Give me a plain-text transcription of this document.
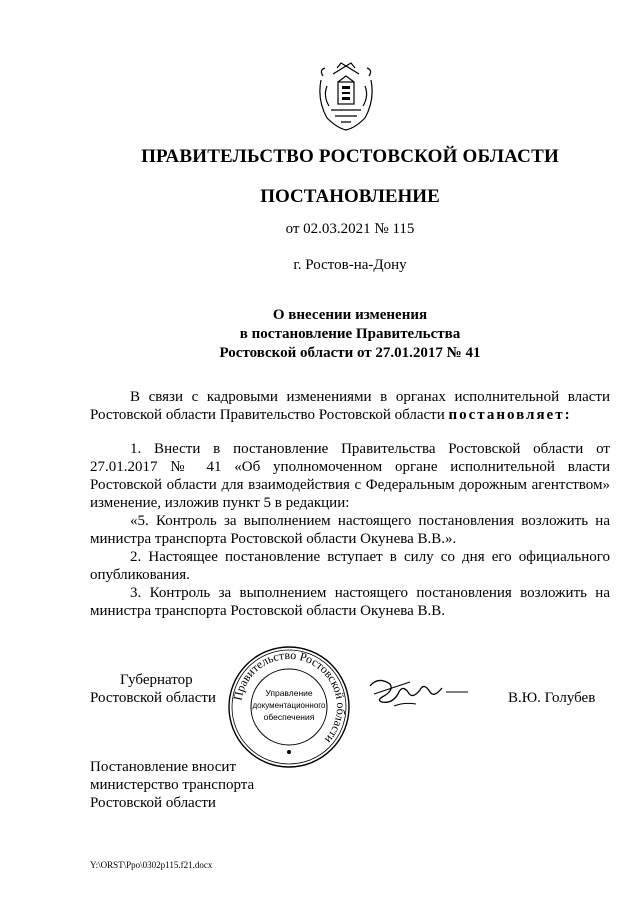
ПРАВИТЕЛЬСТВО РОСТОВСКОЙ ОБЛАСТИ
ПОСТАНОВЛЕНИЕ
от 02.03.2021 № 115
г. Ростов-на-Дону
О внесении изменения
в постановление Правительства
Ростовской области от 27.01.2017 № 41

В связи с кадровыми изменениями в органах исполнительной власти Ростовской области Правительство Ростовской области постановляет:

1. Внести в постановление Правительства Ростовской области от 27.01.2017 № 41 «Об уполномоченном органе исполнительной власти Ростовской области для взаимодействия с Федеральным дорожным агентством» изменение, изложив пункт 5 в редакции:

«5. Контроль за выполнением настоящего постановления возложить на министра транспорта Ростовской области Окунева В.В.».

2. Настоящее постановление вступает в силу со дня его официального опубликования.

3. Контроль за выполнением настоящего постановления возложить на министра транспорта Ростовской области Окунева В.В.

Губернатор
Ростовской области Правительство Ростовской области
Управление
документационного
обеспечения
В.Ю. Голубев
Постановление вносит
министерство транспорта
Ростовской области
Y:\ORST\Ppo\0302p115.f21.docx
